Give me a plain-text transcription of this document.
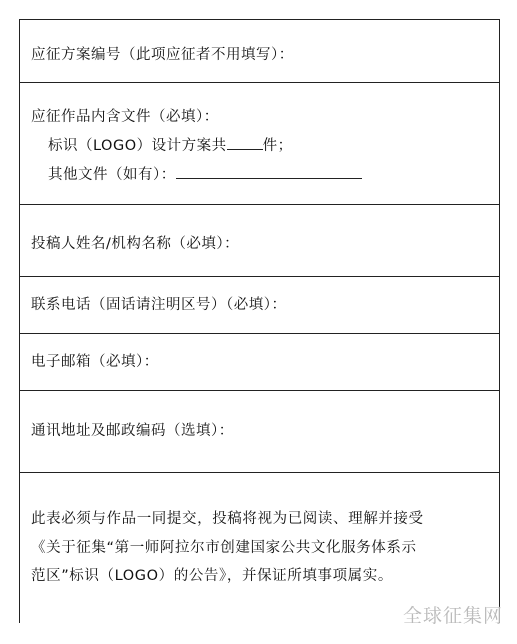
应征方案编号（此项应征者不用填写）：
应征作品内含文件（必填）：
标识（LOGO）设计方案共 件；
其他文件（如有）：
投稿人姓名/机构名称（必填）：
联系电话（固话请注明区号）（必填）：
电子邮箱（必填）：
通讯地址及邮政编码（选填）：
此表必须与作品一同提交，投稿将视为已阅读、理解并接受
《关于征集“第一师阿拉尔市创建国家公共文化服务体系示
范区”标识（LOGO）的公告》，并保证所填事项属实。
全球征集网
